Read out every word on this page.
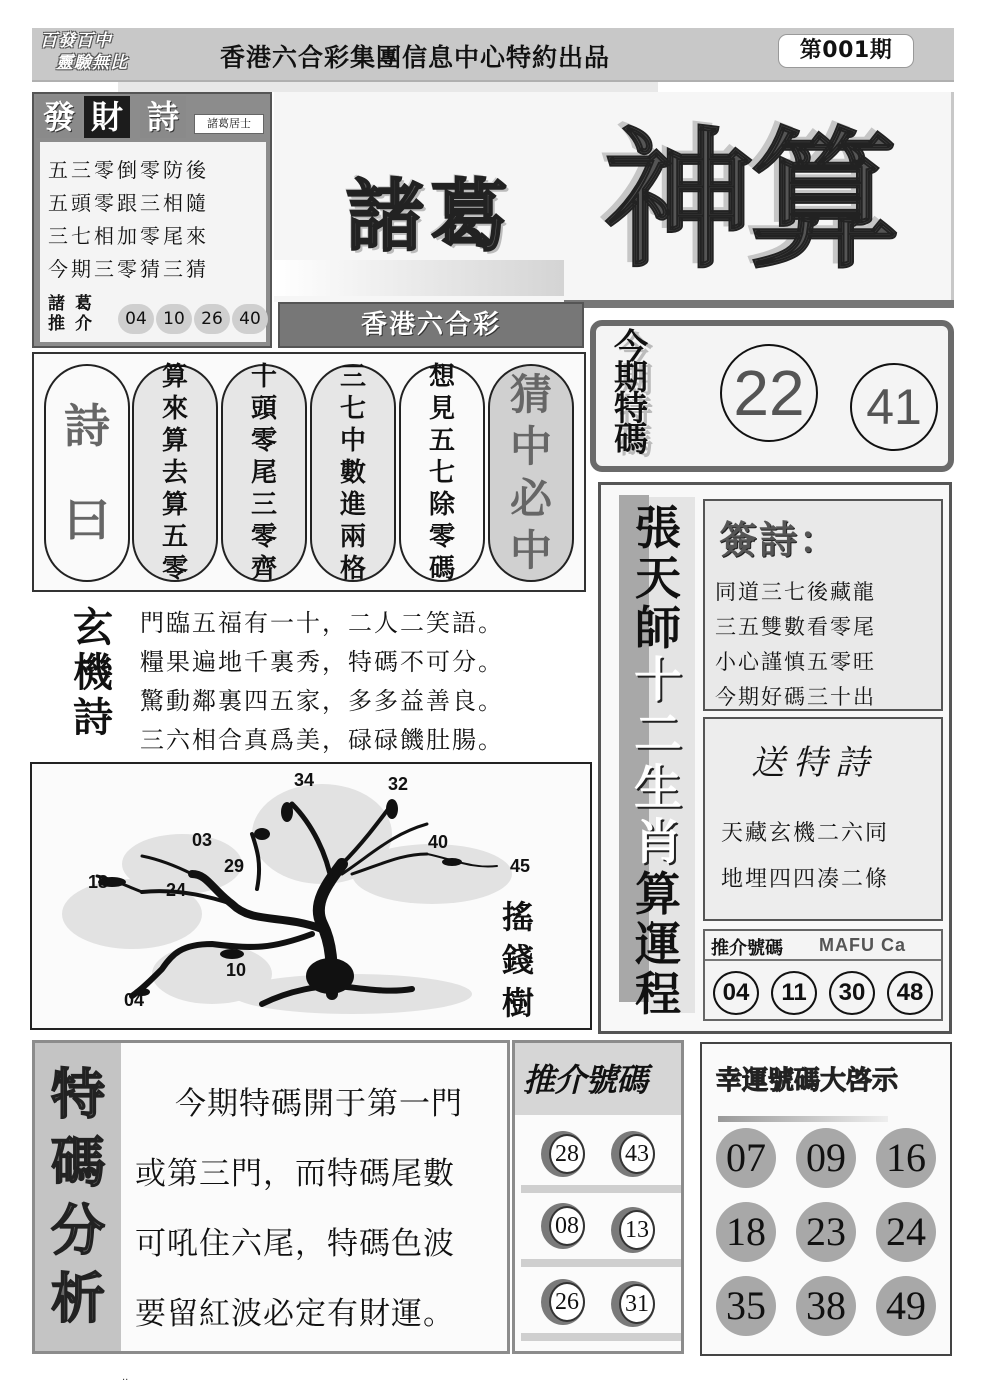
百發百中
靈驗無比	香港六合彩集團信息中心特約出品	第001期
發 財 詩	諸葛居士
五三零倒零防後
五頭零跟三相隨
三七相加零尾來
今期三零猜三猜
諸葛
推介	04 10 26 40
諸葛 神算
香港六合彩
今
期
特
碼
22	41
詩
曰
算
來
算
去
算
五
零
十
頭
零
尾
三
零
齊
三
七
中
數
進
兩
格
想
見
五
七
除
零
碼
猜
中
必
中
玄
機
詩
門臨五福有一十，二人二笑語。
糧果遍地千裏秀，特碼不可分。
驚動鄰裏四五家，多多益善良。
三六相合真爲美，碌碌饑肚腸。
34	32
03
29
40
45
18	24
10
04
搖
錢
樹
張
天
師
十
二
生
肖
算
運
程
簽詩：
同道三七後藏龍
三五雙數看零尾
小心謹慎五零旺
今期好碼三十出
送特詩
天藏玄機二六同
地埋四四凑二條
推介號碼 MAFU Ca
04	11	30	48
特
碼
分
析
今期特碼開于第一門
或第三門，而特碼尾數
可吼住六尾，特碼色波
要留紅波必定有財運。
推介號碼
28 43
08 13
26 31
幸運號碼大啓示
07 09 16
18 23 24
35 38 49
..
